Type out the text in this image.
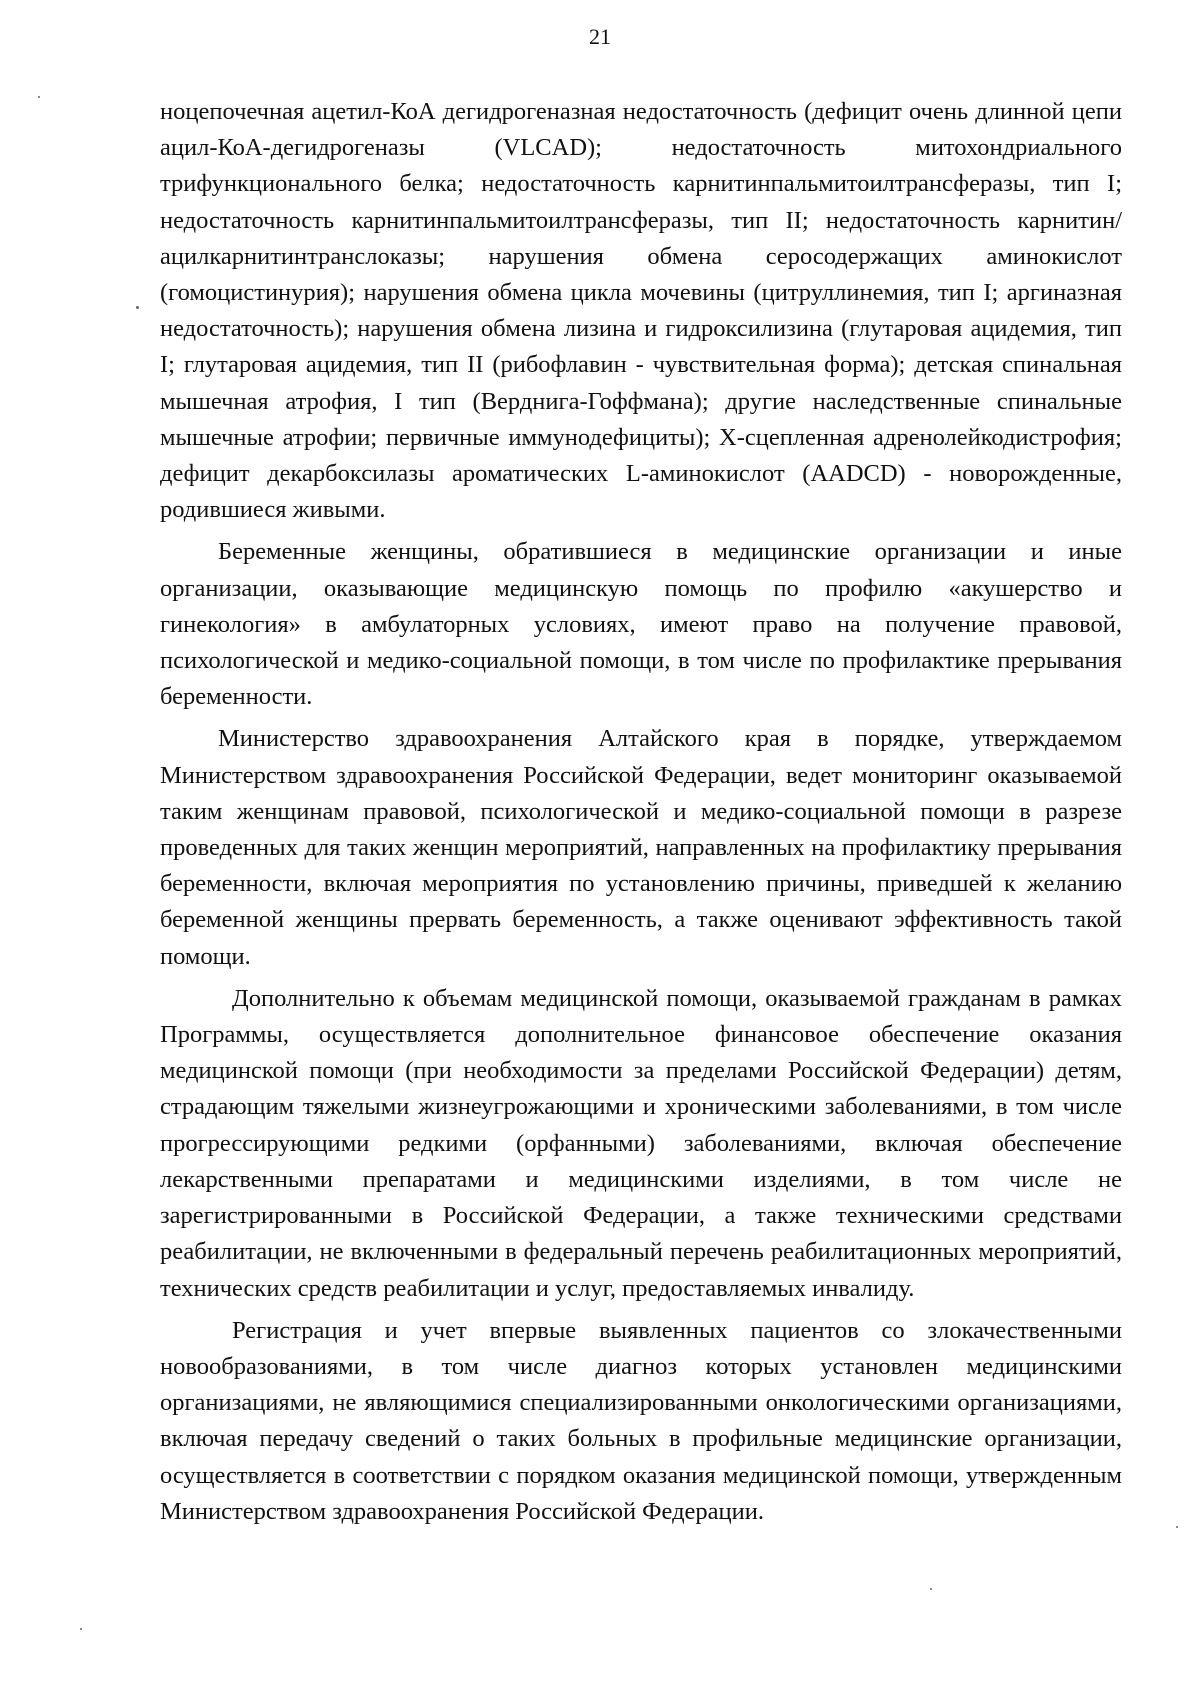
21

ноцепочечная ацетил-КоА дегидрогеназная недостаточность (дефицит очень длинной цепи ацил-КоА-дегидрогеназы (VLCAD); недостаточность митохондриального трифункционального белка; недостаточность карнитинпальмитоилтрансферазы, тип I; недостаточность карнитинпальмитоилтрансферазы, тип II; недостаточность карнитин/ацилкарнитинтранслоказы; нарушения обмена серосодержащих аминокислот (гомоцистинурия); нарушения обмена цикла мочевины (цитруллинемия, тип I; аргиназная недостаточность); нарушения обмена лизина и гидроксилизина (глутаровая ацидемия, тип I; глутаровая ацидемия, тип II (рибофлавин - чувствительная форма); детская спинальная мышечная атрофия, I тип (Верднига-Гоффмана); другие наследственные спинальные мышечные атрофии; первичные иммунодефициты); X-сцепленная адренолейкодистрофия; дефицит декарбоксилазы ароматических L-аминокислот (AADCD) - новорожденные, родившиеся живыми.

Беременные женщины, обратившиеся в медицинские организации и иные организации, оказывающие медицинскую помощь по профилю «акушерство и гинекология» в амбулаторных условиях, имеют право на получение правовой, психологической и медико-социальной помощи, в том числе по профилактике прерывания беременности.

Министерство здравоохранения Алтайского края в порядке, утверждаемом Министерством здравоохранения Российской Федерации, ведет мониторинг оказываемой таким женщинам правовой, психологической и медико-социальной помощи в разрезе проведенных для таких женщин мероприятий, направленных на профилактику прерывания беременности, включая мероприятия по установлению причины, приведшей к желанию беременной женщины прервать беременность, а также оценивают эффективность такой помощи.

Дополнительно к объемам медицинской помощи, оказываемой гражданам в рамках Программы, осуществляется дополнительное финансовое обеспечение оказания медицинской помощи (при необходимости за пределами Российской Федерации) детям, страдающим тяжелыми жизнеугрожающими и хроническими заболеваниями, в том числе прогрессирующими редкими (орфанными) заболеваниями, включая обеспечение лекарственными препаратами и медицинскими изделиями, в том числе не зарегистрированными в Российской Федерации, а также техническими средствами реабилитации, не включенными в федеральный перечень реабилитационных мероприятий, технических средств реабилитации и услуг, предоставляемых инвалиду.

Регистрация и учет впервые выявленных пациентов со злокачественными новообразованиями, в том числе диагноз которых установлен медицинскими организациями, не являющимися специализированными онкологическими организациями, включая передачу сведений о таких больных в профильные медицинские организации, осуществляется в соответствии с порядком оказания медицинской помощи, утвержденным Министерством здравоохранения Российской Федерации.
